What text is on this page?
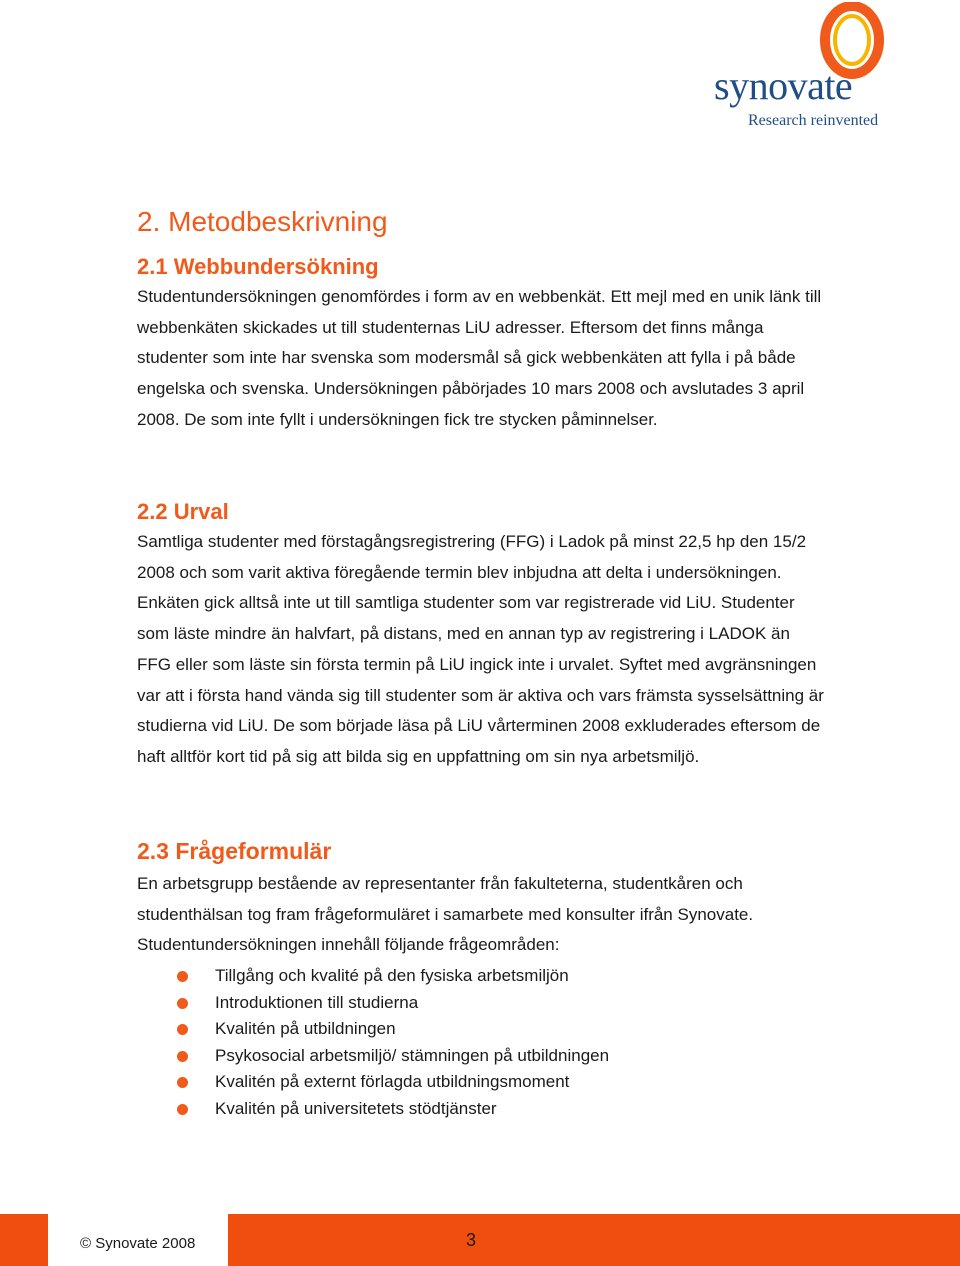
synovate
Research reinvented
2. Metodbeskrivning
2.1 Webbundersökning

Studentundersökningen genomfördes i form av en webbenkät. Ett mejl med en unik länk till webbenkäten skickades ut till studenternas LiU adresser. Eftersom det finns många studenter som inte har svenska som modersmål så gick webbenkäten att fylla i på både engelska och svenska. Undersökningen påbörjades 10 mars 2008 och avslutades 3 april 2008. De som inte fyllt i undersökningen fick tre stycken påminnelser.

2.2 Urval

Samtliga studenter med förstagångsregistrering (FFG) i Ladok på minst 22,5 hp den 15/2 2008 och som varit aktiva föregående termin blev inbjudna att delta i undersökningen. Enkäten gick alltså inte ut till samtliga studenter som var registrerade vid LiU. Studenter som läste mindre än halvfart, på distans, med en annan typ av registrering i LADOK än FFG eller som läste sin första termin på LiU ingick inte i urvalet. Syftet med avgränsningen var att i första hand vända sig till studenter som är aktiva och vars främsta sysselsättning är studierna vid LiU. De som började läsa på LiU vårterminen 2008 exkluderades eftersom de haft alltför kort tid på sig att bilda sig en uppfattning om sin nya arbetsmiljö.

2.3 Frågeformulär

En arbetsgrupp bestående av representanter från fakulteterna, studentkåren och studenthälsan tog fram frågeformuläret i samarbete med konsulter ifrån Synovate. Studentundersökningen innehåll följande frågeområden:

Tillgång och kvalité på den fysiska arbetsmiljön
Introduktionen till studierna
Kvalitén på utbildningen
Psykosocial arbetsmiljö/ stämningen på utbildningen
Kvalitén på externt förlagda utbildningsmoment
Kvalitén på universitetets stödtjänster
© Synovate 2008	3
